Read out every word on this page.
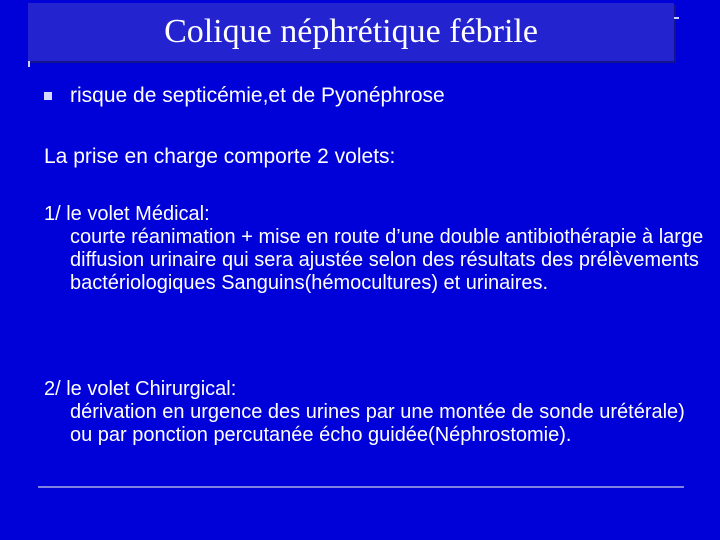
Colique néphrétique fébrile
risque de septicémie,et de Pyonéphrose
La prise en charge comporte 2 volets:
1/ le volet Médical:
courte réanimation + mise en route d’une double antibiothérapie à large diffusion urinaire qui sera ajustée selon des résultats des prélèvements bactériologiques Sanguins(hémocultures) et urinaires.
2/ le volet Chirurgical:
dérivation en urgence des urines par une montée de sonde urétérale) ou par ponction percutanée écho guidée(Néphrostomie).
